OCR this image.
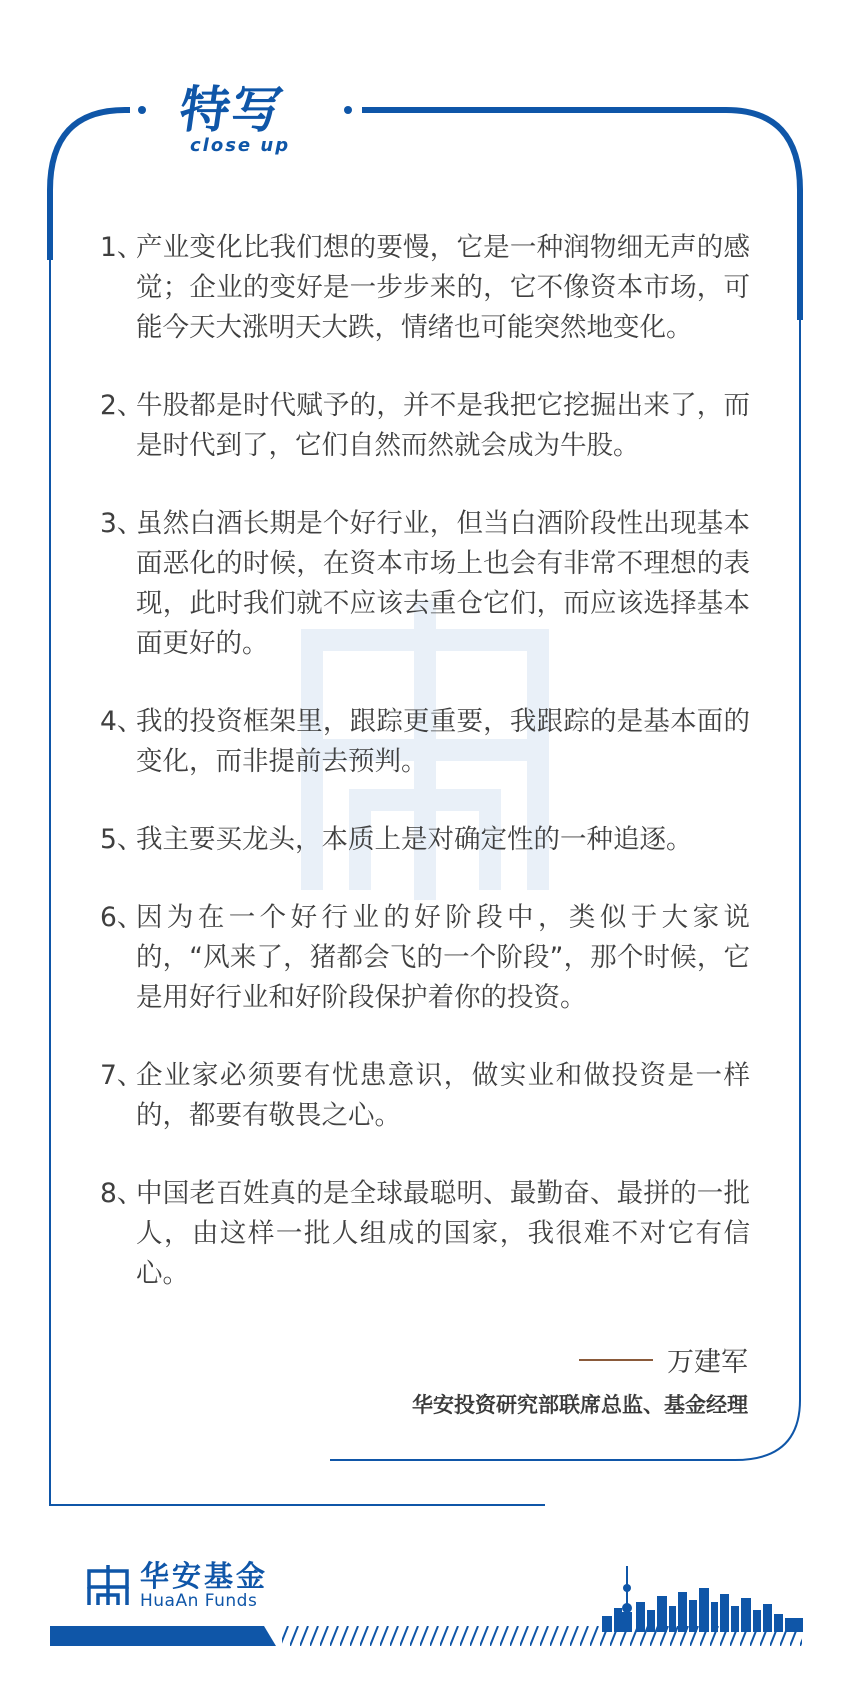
特写
close up
1、
产业变化比我们想的要慢，它是一种润物细无声的感觉；企业的变好是一步步来的，它不像资本市场，可能今天大涨明天大跌，情绪也可能突然地变化。
2、
牛股都是时代赋予的，并不是我把它挖掘出来了，而是时代到了，它们自然而然就会成为牛股。
3、
虽然白酒长期是个好行业，但当白酒阶段性出现基本面恶化的时候，在资本市场上也会有非常不理想的表现，此时我们就不应该去重仓它们，而应该选择基本面更好的。
4、
我的投资框架里，跟踪更重要，我跟踪的是基本面的变化，而非提前去预判。
5、
我主要买龙头，本质上是对确定性的一种追逐。
6、
因为在一个好行业的好阶段中，类似于大家说的，“风来了，猪都会飞的一个阶段”，那个时候，它是用好行业和好阶段保护着你的投资。
7、
企业家必须要有忧患意识，做实业和做投资是一样的，都要有敬畏之心。
8、
中国老百姓真的是全球最聪明、最勤奋、最拼的一批人，由这样一批人组成的国家，我很难不对它有信心。
万建军
华安投资研究部联席总监、基金经理
华安基金
HuaAn Funds
